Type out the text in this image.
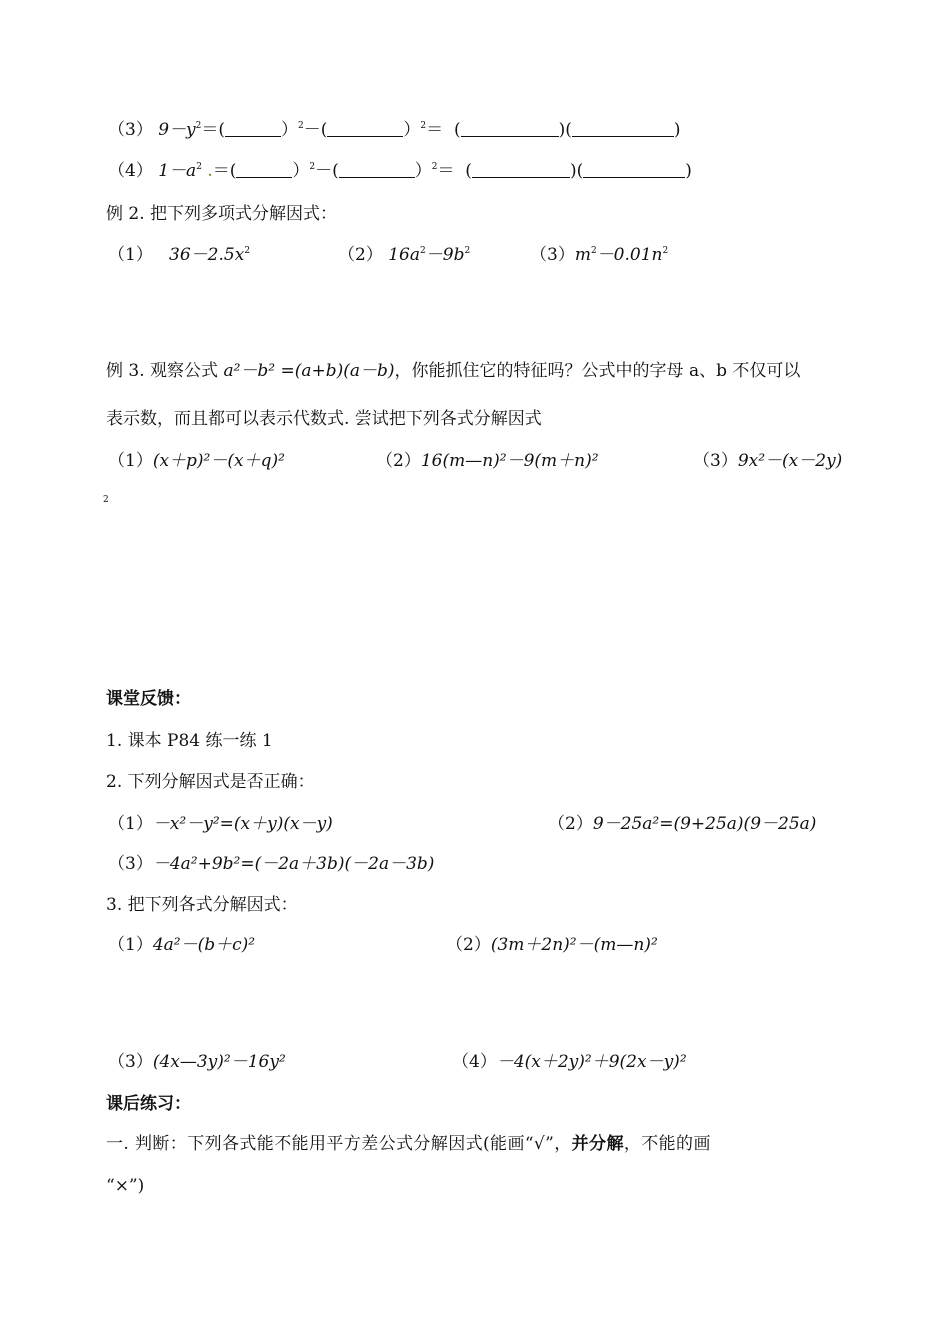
（3） $9-y^2=$(	）$^2$－(	）$^2$＝  (	)(	)
（4） $1-a^2$ .＝(	）$^2$－(	）$^2$＝  (	)(	)
例 2. 把下列多项式分解因式：
（1） $36-2.5x^2$	（2） $16a^2-9b^2$	$(3)m^2-0.01n^2$
例 3. 观察公式 a²－b² =(a+b)(a－b)，你能抓住它的特征吗？公式中的字母 a、b 不仅可以
表示数，而且都可以表示代数式. 尝试把下列各式分解因式
（1）(x＋p)²－(x＋q)²	（2）16(m—n)²－9(m＋n)²	（3）9x²－(x－2y)
2
课堂反馈：
1. 课本 P84 练一练 1
2. 下列分解因式是否正确：
（1）－x²－y²=(x＋y)(x－y)	（2）9－25a²=(9+25a)(9－25a)
（3）－4a²+9b²=(－2a＋3b)(－2a－3b)
3. 把下列各式分解因式：
（1）4a²－(b＋c)²	（2）(3m＋2n)²－(m—n)²
（3）(4x—3y)²－16y²	（4）－4(x＋2y)²＋9(2x－y)²
课后练习：
一. 判断：下列各式能不能用平方差公式分解因式(能画“√”，并分解，不能的画
“×”)
